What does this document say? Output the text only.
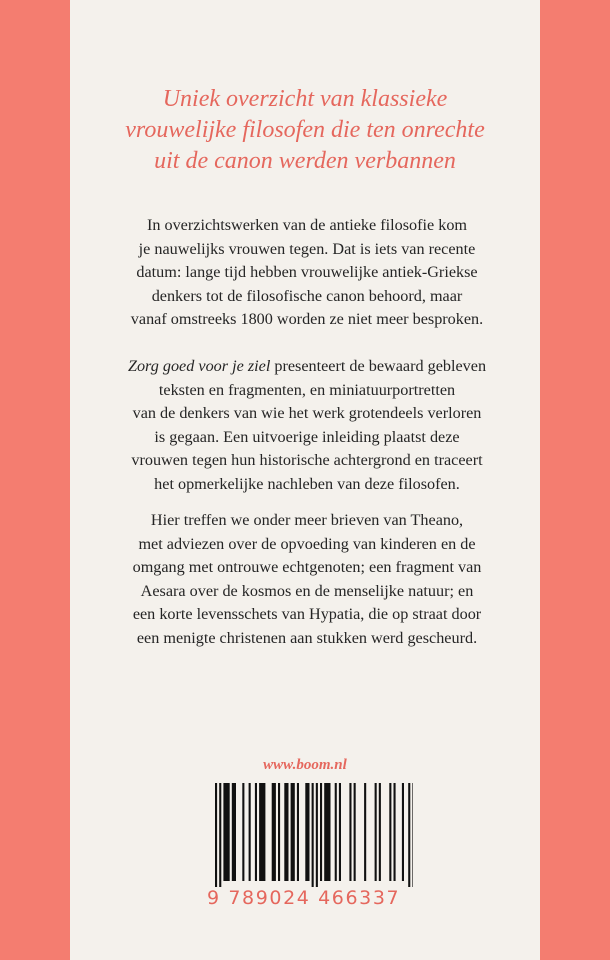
Uniek overzicht van klassieke
vrouwelijke filosofen die ten onrechte
uit de canon werden verbannen
In overzichtswerken van de antieke filosofie kom
je nauwelijks vrouwen tegen. Dat is iets van recente
datum: lange tijd hebben vrouwelijke antiek-Griekse
denkers tot de filosofische canon behoord, maar
vanaf omstreeks 1800 worden ze niet meer besproken.
Zorg goed voor je ziel presenteert de bewaard gebleven
teksten en fragmenten, en miniatuurportretten
van de denkers van wie het werk grotendeels verloren
is gegaan. Een uitvoerige inleiding plaatst deze
vrouwen tegen hun historische achtergrond en traceert
het opmerkelijke nachleben van deze filosofen.
Hier treffen we onder meer brieven van Theano,
met adviezen over de opvoeding van kinderen en de
omgang met ontrouwe echtgenoten; een fragment van
Aesara over de kosmos en de menselijke natuur; en
een korte levensschets van Hypatia, die op straat door
een menigte christenen aan stukken werd gescheurd.
www.boom.nl
9 789024 466337
